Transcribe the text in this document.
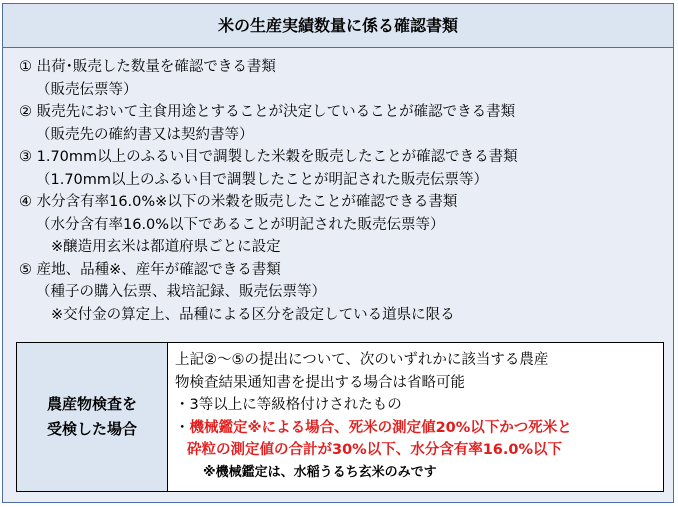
米の生産実績数量に係る確認書類
① 出荷･販売した数量を確認できる書類
（販売伝票等）
② 販売先において主食用途とすることが決定していることが確認できる書類
（販売先の確約書又は契約書等）
③ 1.70mm以上のふるい目で調製した米穀を販売したことが確認できる書類
（1.70mm以上のふるい目で調製したことが明記された販売伝票等）
④ 水分含有率16.0%※以下の米穀を販売したことが確認できる書類
（水分含有率16.0%以下であることが明記された販売伝票等）
※醸造用玄米は都道府県ごとに設定
⑤ 産地、品種※、産年が確認できる書類
（種子の購入伝票、栽培記録、販売伝票等）
※交付金の算定上、品種による区分を設定している道県に限る
農産物検査を
受検した場合
上記②～⑤の提出について、次のいずれかに該当する農産
物検査結果通知書を提出する場合は省略可能
・3等以上に等級格付けされたもの
・機械鑑定※による場合、死米の測定値20%以下かつ死米と
砕粒の測定値の合計が30%以下、水分含有率16.0%以下
※機械鑑定は、水稲うるち玄米のみです
